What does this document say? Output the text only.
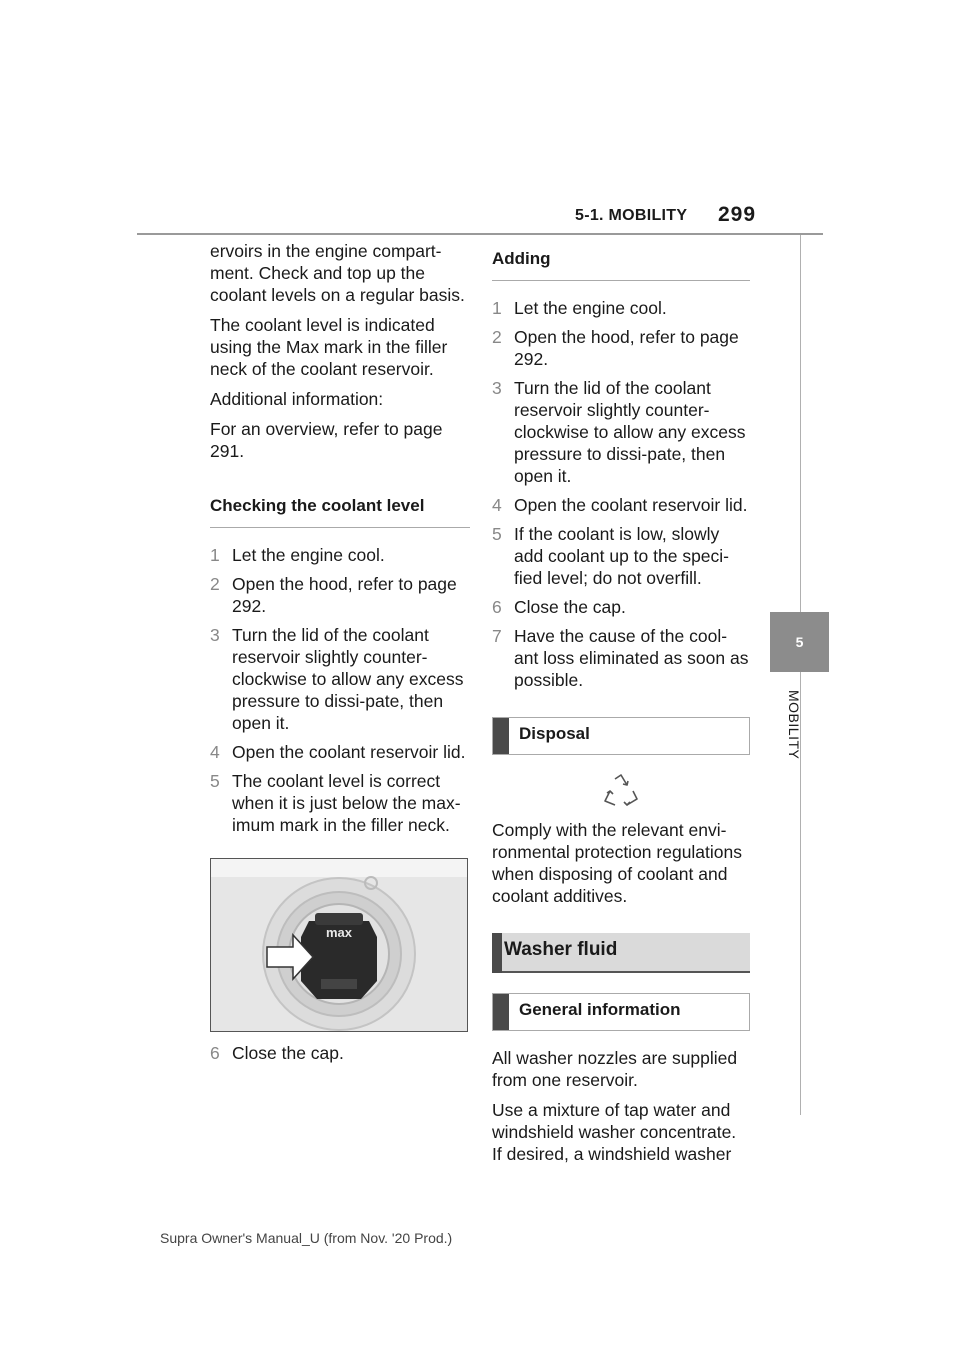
5-1. MOBILITY 299
5
MOBILITY

ervoirs in the engine compart-ment. Check and top up the coolant levels on a regular basis.

The coolant level is indicated using the Max mark in the filler neck of the coolant reservoir.

Additional information:

For an overview, refer to page 291.

Checking the coolant level
1 Let the engine cool.
2 Open the hood, refer to page 292.
3 Turn the lid of the coolant reservoir slightly counter-clockwise to allow any excess pressure to dissi-pate, then open it.
4 Open the coolant reservoir lid.
5 The coolant level is correct when it is just below the max-imum mark in the filler neck.
max
6 Close the cap.
Adding
1 Let the engine cool.
2 Open the hood, refer to page 292.
3 Turn the lid of the coolant reservoir slightly counter-clockwise to allow any excess pressure to dissi-pate, then open it.
4 Open the coolant reservoir lid.
5 If the coolant is low, slowly add coolant up to the speci-fied level; do not overfill.
6 Close the cap.
7 Have the cause of the cool-ant loss eliminated as soon as possible.
Disposal

Comply with the relevant envi-ronmental protection regulations when disposing of coolant and coolant additives.

Washer fluid
General information

All washer nozzles are supplied from one reservoir.

Use a mixture of tap water and windshield washer concentrate. If desired, a windshield washer

Supra Owner's Manual_U (from Nov. '20 Prod.)
